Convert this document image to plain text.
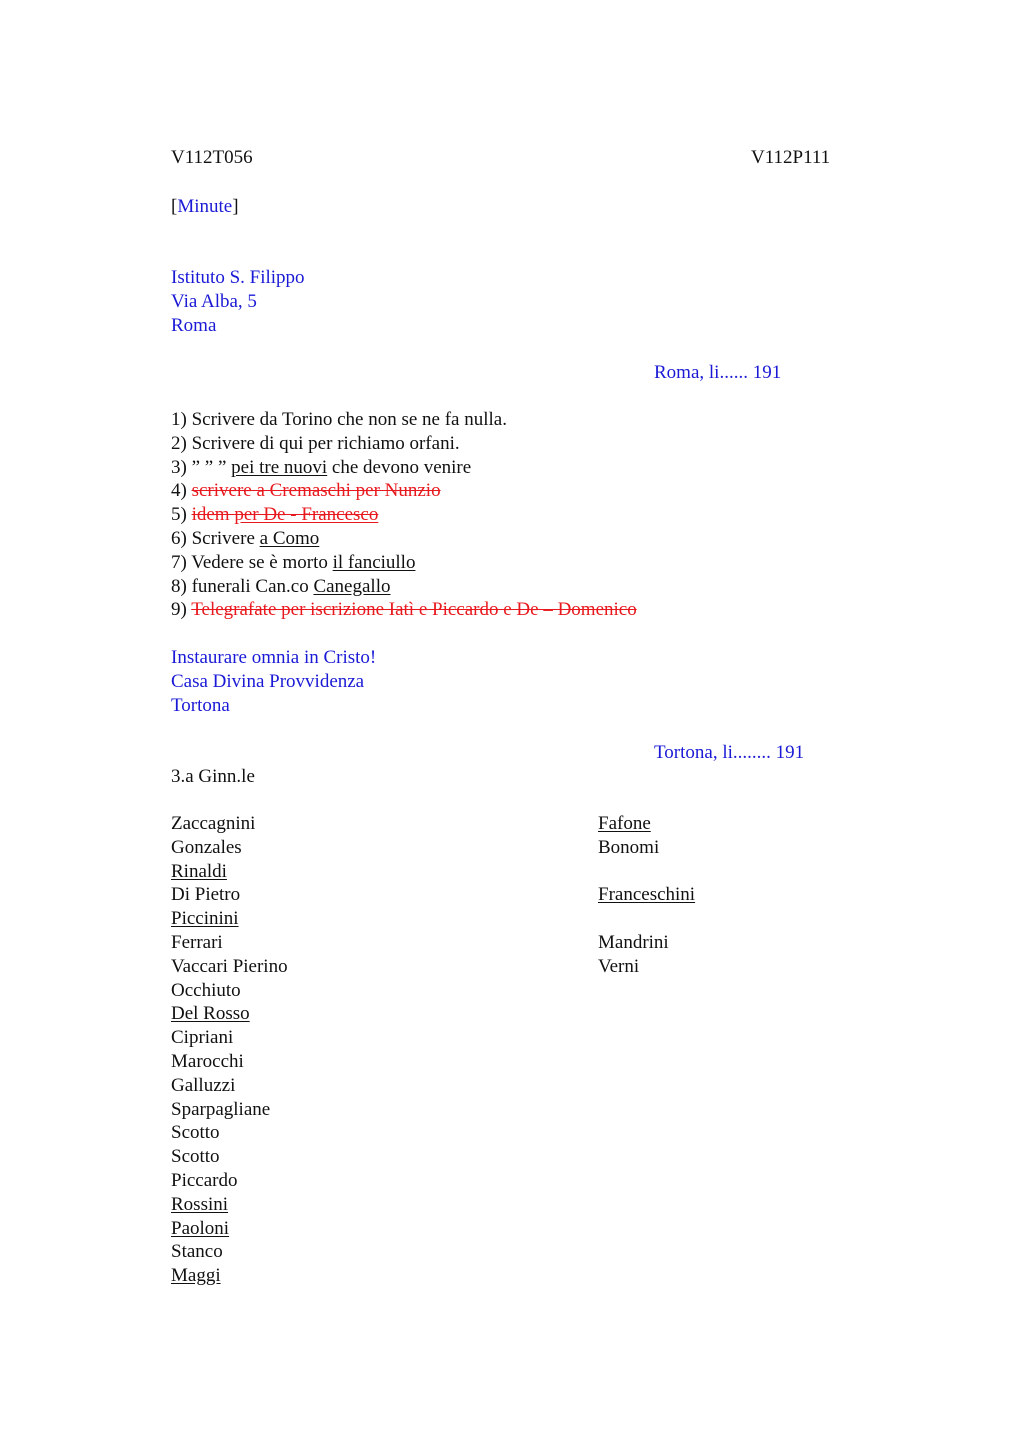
V112T056	V112P111
[Minute]
Istituto S. Filippo
Via Alba, 5
Roma
Roma, li...... 191
1) Scrivere da Torino che non se ne fa nulla.
2) Scrivere di qui per richiamo orfani.
3) ” ” ” pei tre nuovi che devono venire
4) scrivere a Cremaschi per Nunzio
5) idem per De - Francesco
6) Scrivere a Como
7) Vedere se è morto il fanciullo
8) funerali Can.co Canegallo
9) Telegrafate per iscrizione Iatì e Piccardo e De – Domenico
Instaurare omnia in Cristo!
Casa Divina Provvidenza
Tortona
Tortona, li........ 191
3.a Ginn.le
Zaccagnini
Gonzales
Rinaldi
Di Pietro
Piccinini
Ferrari
Vaccari Pierino
Occhiuto
Del Rosso
Cipriani
Marocchi
Galluzzi
Sparpagliane
Scotto
Scotto
Piccardo
Rossini
Paoloni
Stanco
Maggi
Fafone
Bonomi
Franceschini
Mandrini
Verni
